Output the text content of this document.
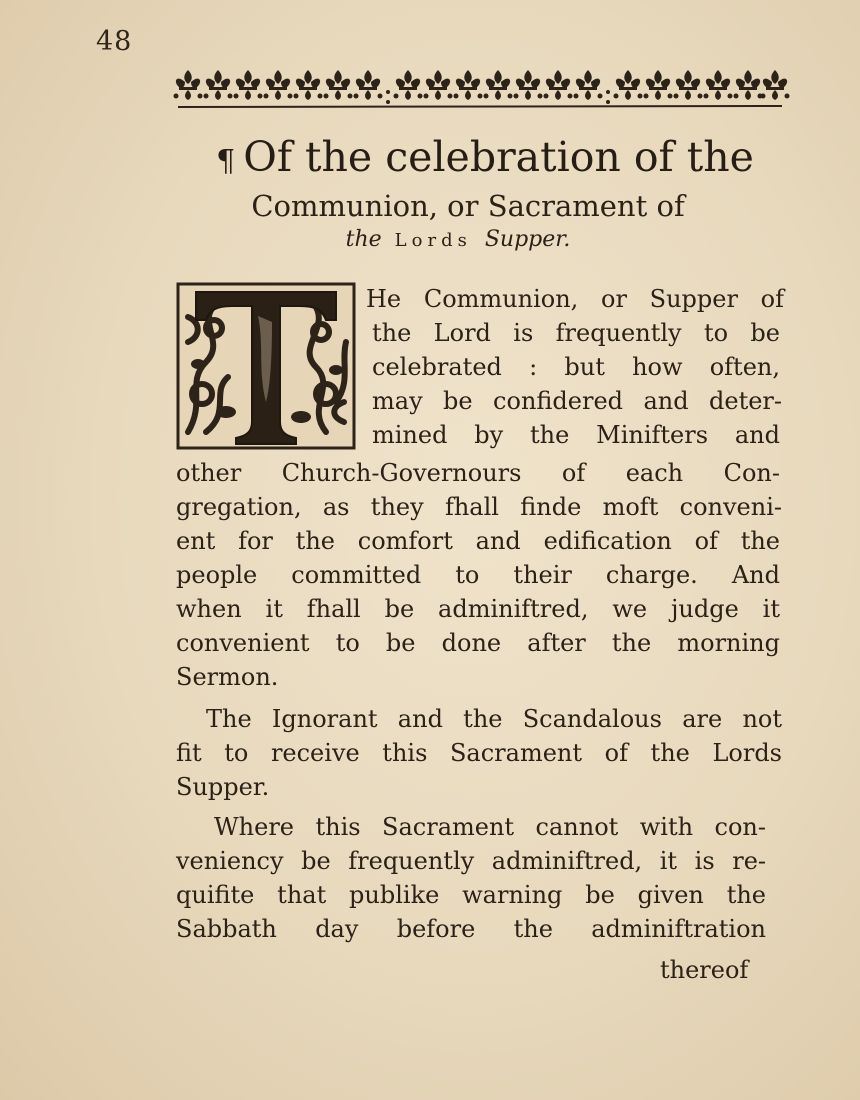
48
¶ Of the celebration of the
Communion, or Sacrament of
the Lords Supper.
He Communion, or Supper of
the Lord is frequently to be
celebrated : but how often,
may be confidered and deter-
mined by the Minifters and
other Church-Governours of each Con-
gregation, as they fhall finde moft conveni-
ent for the comfort and edification of the
people committed to their charge. And
when it fhall be adminiftred, we judge it
convenient to be done after the morning
Sermon.
The Ignorant and the Scandalous are not
fit to receive this Sacrament of the Lords
Supper.
Where this Sacrament cannot with con-
veniency be frequently adminiftred, it is re-
quifite that publike warning be given the
Sabbath day before the adminiftration
thereof
